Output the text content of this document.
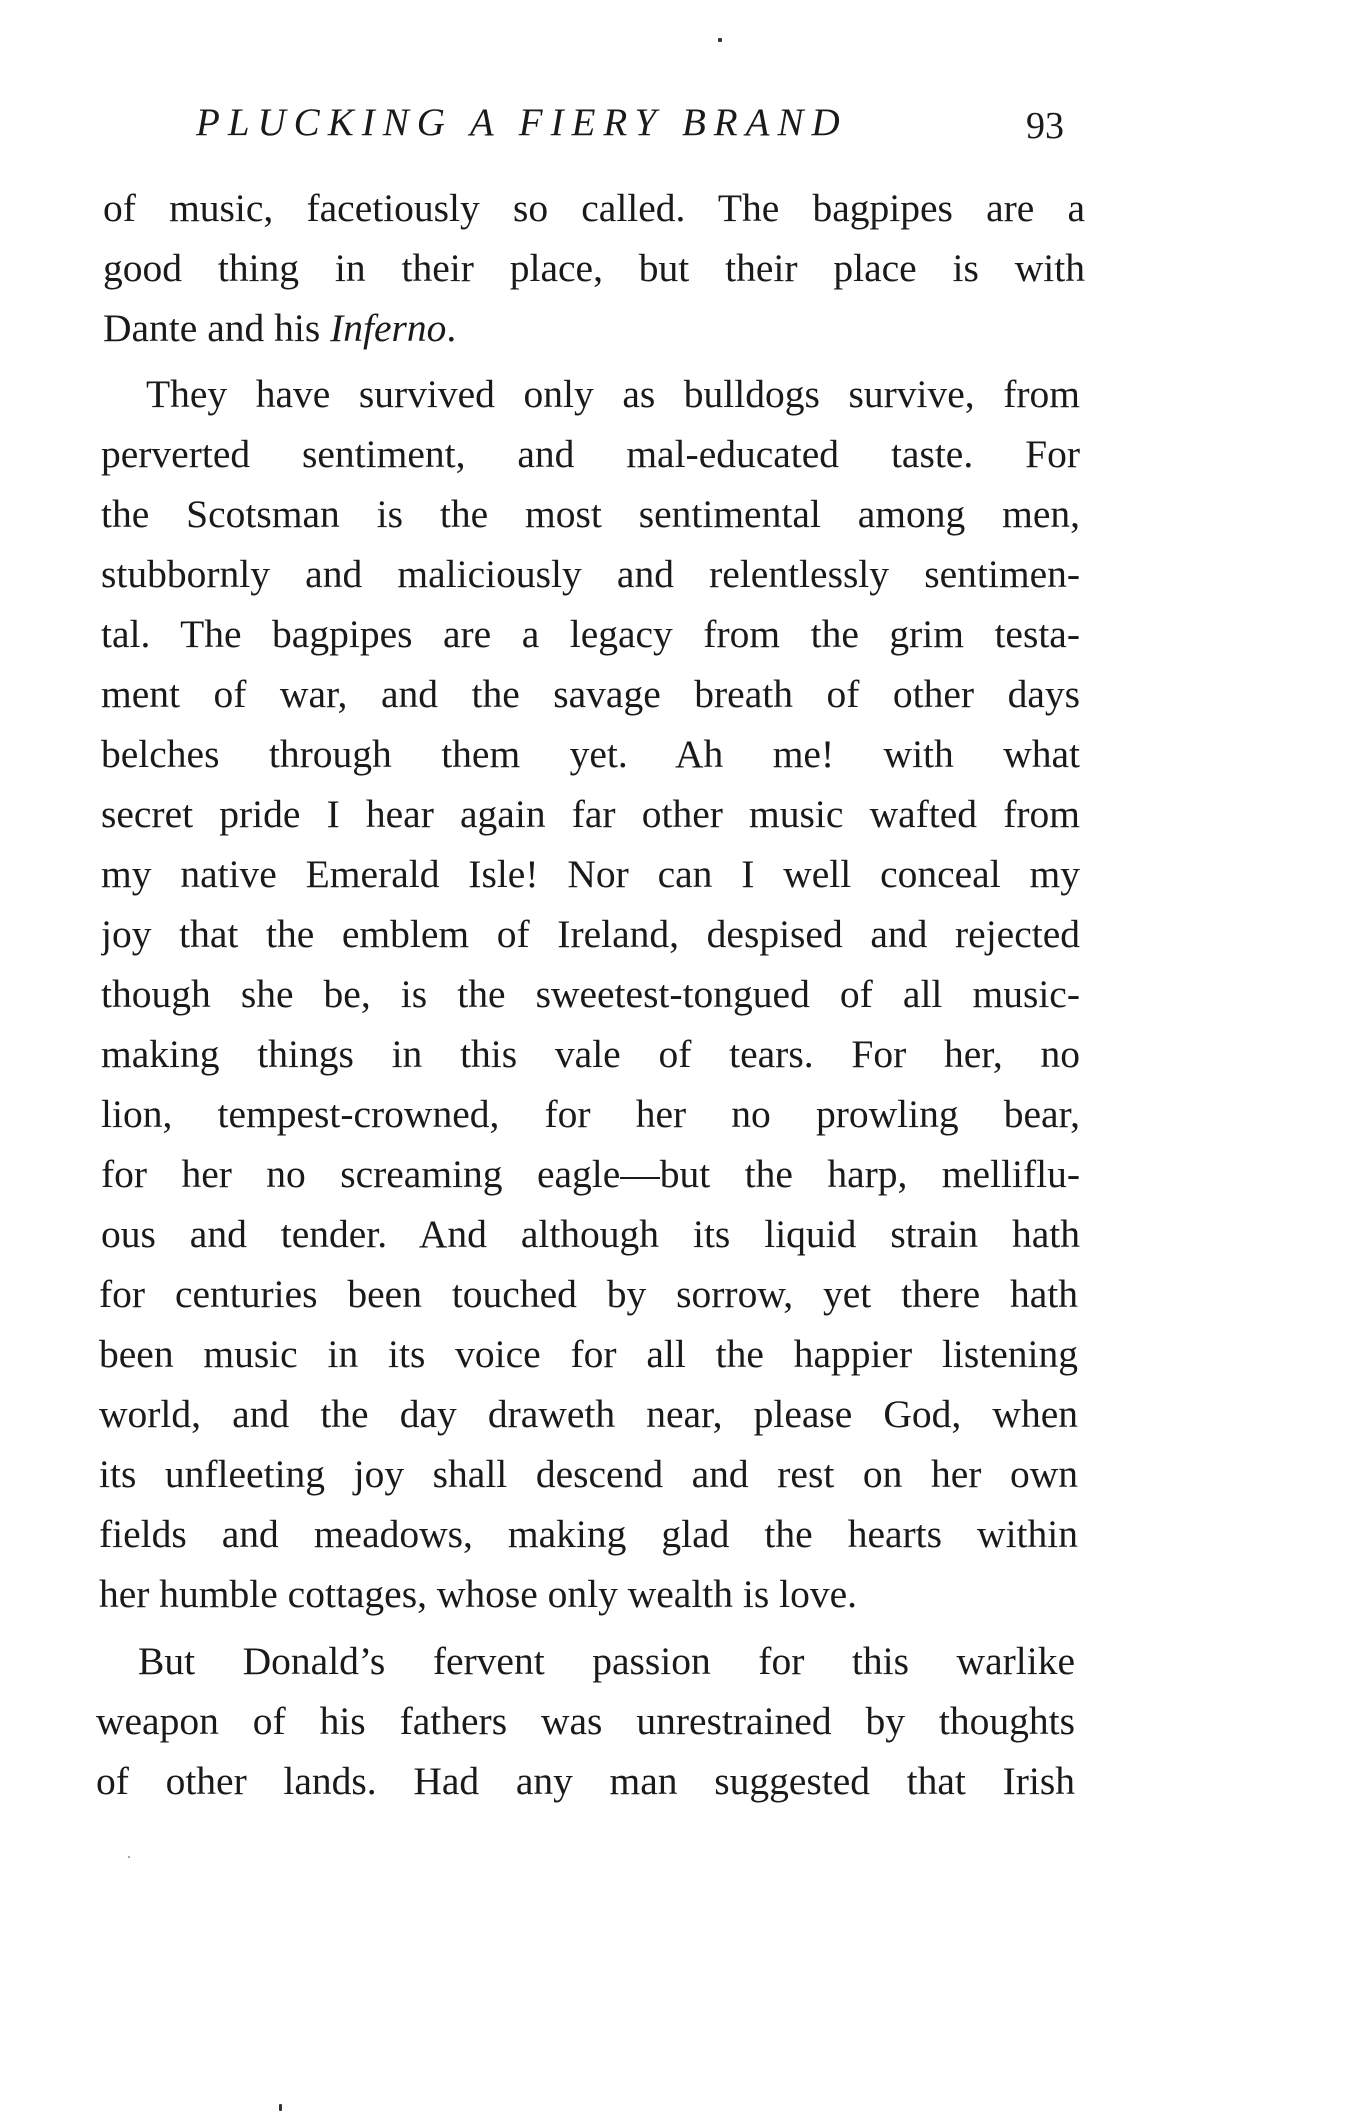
PLUCKING A FIERY BRAND	93
of music, facetiously so called. The bagpipes are a
good thing in their place, but their place is with
Dante and his Inferno.
They have survived only as bulldogs survive, from
perverted sentiment, and mal-educated taste. For
the Scotsman is the most sentimental among men,
stubbornly and maliciously and relentlessly sentimen-
tal. The bagpipes are a legacy from the grim testa-
ment of war, and the savage breath of other days
belches through them yet. Ah me! with what
secret pride I hear again far other music wafted from
my native Emerald Isle! Nor can I well conceal my
joy that the emblem of Ireland, despised and rejected
though she be, is the sweetest-tongued of all music-
making things in this vale of tears. For her, no
lion, tempest-crowned, for her no prowling bear,
for her no screaming eagle—but the harp, melliflu-
ous and tender. And although its liquid strain hath
for centuries been touched by sorrow, yet there hath
been music in its voice for all the happier listening
world, and the day draweth near, please God, when
its unfleeting joy shall descend and rest on her own
fields and meadows, making glad the hearts within
her humble cottages, whose only wealth is love.
But Donald’s fervent passion for this warlike
weapon of his fathers was unrestrained by thoughts
of other lands. Had any man suggested that Irish
